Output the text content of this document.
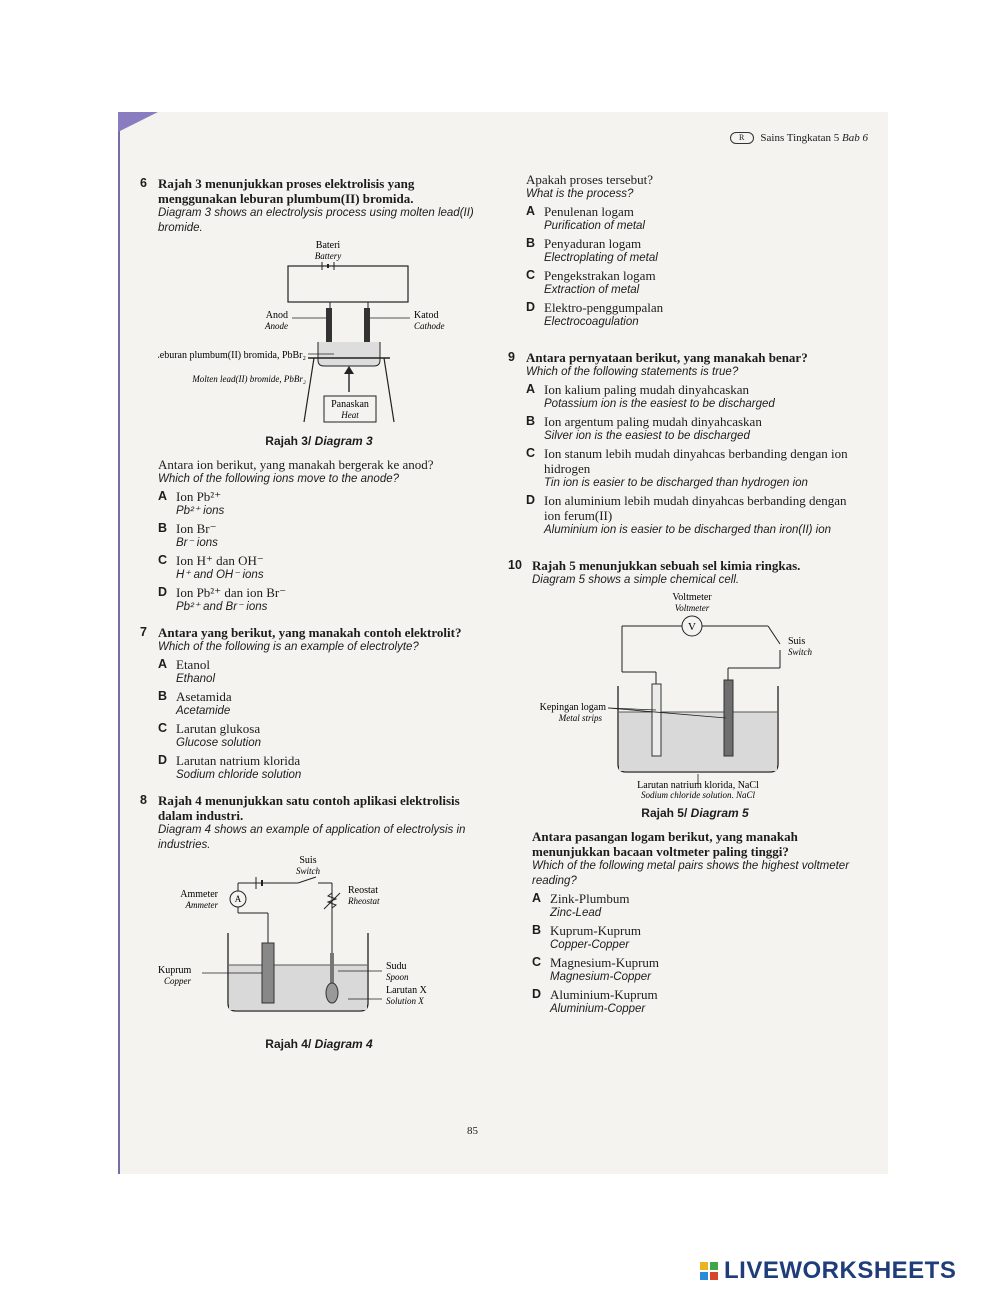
R Sains Tingkatan 5 Bab 6
6 Rajah 3 menunjukkan proses elektrolisis yang menggunakan leburan plumbum(II) bromida.
Diagram 3 shows an electrolysis process using molten lead(II) bromide.
Bateri
Battery
Panaskan
Heat
Anod
Anode
Katod
Cathode
Leburan plumbum(II) bromida, PbBr₂
Molten lead(II) bromide, PbBr₂
Rajah 3/ Diagram 3
Antara ion berikut, yang manakah bergerak ke anod?
Which of the following ions move to the anode?
A Ion Pb²⁺
Pb²⁺ ions
B Ion Br⁻
Br⁻ ions
C Ion H⁺ dan OH⁻
H⁺ and OH⁻ ions
D Ion Pb²⁺ dan ion Br⁻
Pb²⁺ and Br⁻ ions
7 Antara yang berikut, yang manakah contoh elektrolit?
Which of the following is an example of electrolyte?
A Etanol
Ethanol
B Asetamida
Acetamide
C Larutan glukosa
Glucose solution
D Larutan natrium klorida
Sodium chloride solution
8 Rajah 4 menunjukkan satu contoh aplikasi elektrolisis dalam industri.
Diagram 4 shows an example of application of electrolysis in industries.
Suis
Switch
A
Ammeter
Ammeter
Reostat
Rheostat
Kuprum
Copper
Sudu
Spoon
Larutan X
Solution X
Rajah 4/ Diagram 4
Apakah proses tersebut?
What is the process?
A Penulenan logam
Purification of metal
B Penyaduran logam
Electroplating of metal
C Pengekstrakan logam
Extraction of metal
D Elektro-penggumpalan
Electrocoagulation
9 Antara pernyataan berikut, yang manakah benar?
Which of the following statements is true?
A Ion kalium paling mudah dinyahcaskan
Potassium ion is the easiest to be discharged
B Ion argentum paling mudah dinyahcaskan
Silver ion is the easiest to be discharged
C Ion stanum lebih mudah dinyahcas berbanding dengan ion hidrogen
Tin ion is easier to be discharged than hydrogen ion
D Ion aluminium lebih mudah dinyahcas berbanding dengan ion ferum(II)
Aluminium ion is easier to be discharged than iron(II) ion
10 Rajah 5 menunjukkan sebuah sel kimia ringkas.
Diagram 5 shows a simple chemical cell.
Voltmeter
Voltmeter
V
Suis
Switch
Kepingan logam
Metal strips
Larutan natrium klorida, NaCl
Sodium chloride solution, NaCl
Rajah 5/ Diagram 5
Antara pasangan logam berikut, yang manakah menunjukkan bacaan voltmeter paling tinggi?
Which of the following metal pairs shows the highest voltmeter reading?
A Zink-Plumbum
Zinc-Lead
B Kuprum-Kuprum
Copper-Copper
C Magnesium-Kuprum
Magnesium-Copper
D Aluminium-Kuprum
Aluminium-Copper
85
LIVEWORKSHEETS
